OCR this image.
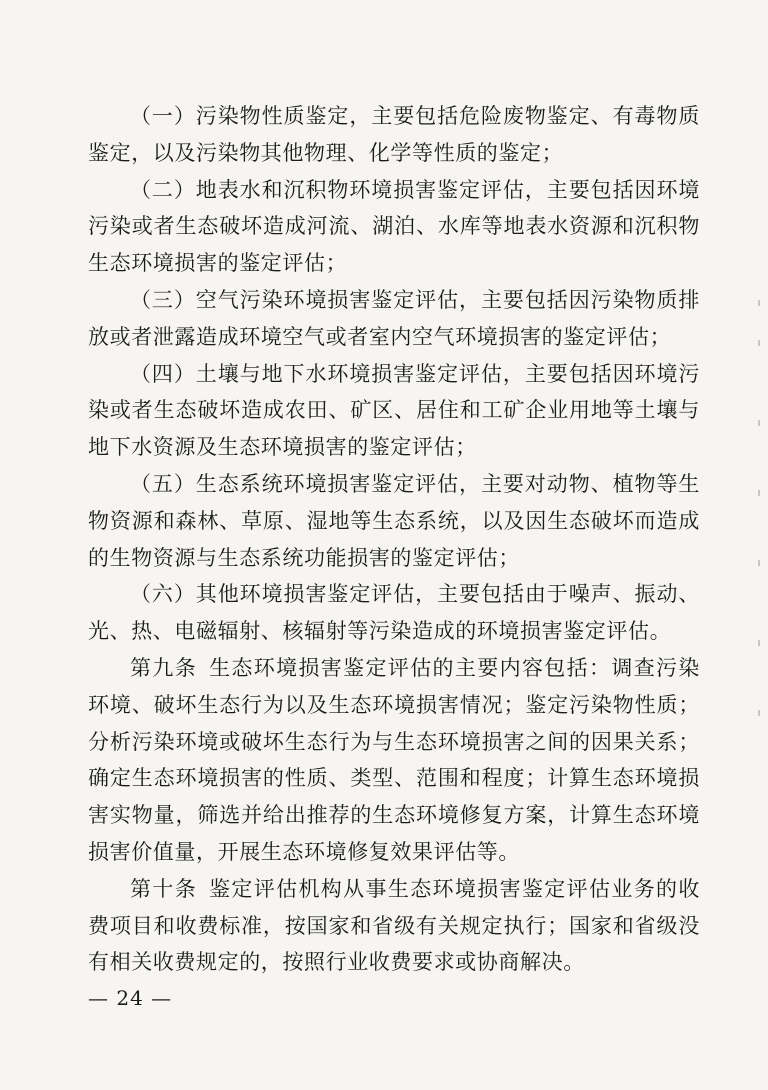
（一）污染物性质鉴定，主要包括危险废物鉴定、有毒物质鉴定，以及污染物其他物理、化学等性质的鉴定；

（二）地表水和沉积物环境损害鉴定评估，主要包括因环境污染或者生态破坏造成河流、湖泊、水库等地表水资源和沉积物生态环境损害的鉴定评估；

（三）空气污染环境损害鉴定评估，主要包括因污染物质排放或者泄露造成环境空气或者室内空气环境损害的鉴定评估；

（四）土壤与地下水环境损害鉴定评估，主要包括因环境污染或者生态破坏造成农田、矿区、居住和工矿企业用地等土壤与地下水资源及生态环境损害的鉴定评估；

（五）生态系统环境损害鉴定评估，主要对动物、植物等生物资源和森林、草原、湿地等生态系统，以及因生态破坏而造成的生物资源与生态系统功能损害的鉴定评估；

（六）其他环境损害鉴定评估，主要包括由于噪声、振动、光、热、电磁辐射、核辐射等污染造成的环境损害鉴定评估。

第九条 生态环境损害鉴定评估的主要内容包括：调查污染环境、破坏生态行为以及生态环境损害情况；鉴定污染物性质；分析污染环境或破坏生态行为与生态环境损害之间的因果关系；确定生态环境损害的性质、类型、范围和程度；计算生态环境损害实物量，筛选并给出推荐的生态环境修复方案，计算生态环境损害价值量，开展生态环境修复效果评估等。

第十条 鉴定评估机构从事生态环境损害鉴定评估业务的收费项目和收费标准，按国家和省级有关规定执行；国家和省级没有相关收费规定的，按照行业收费要求或协商解决。

— 24 —
